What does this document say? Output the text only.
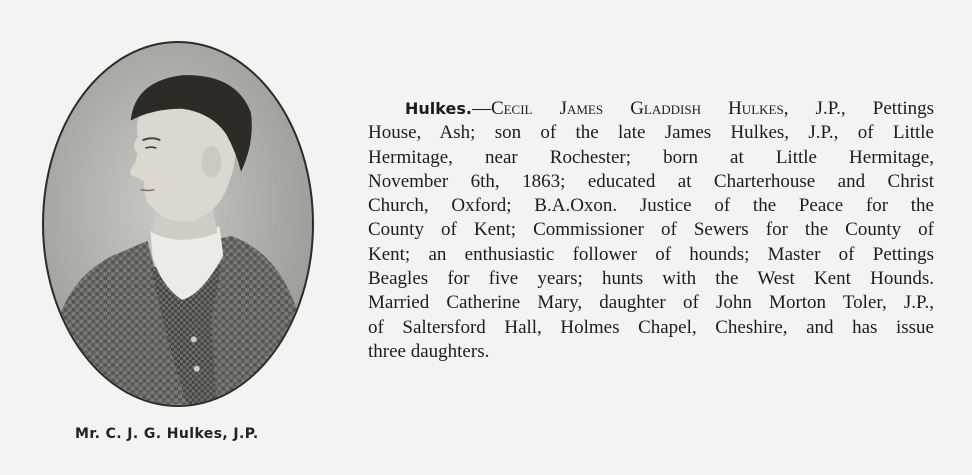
Mr. C. J. G. Hulkes, J.P.
Hulkes.—Cecil James Gladdish Hulkes, J.P., Pettings
House, Ash; son of the late James Hulkes, J.P., of Little
Hermitage, near Rochester; born at Little Hermitage,
November 6th, 1863; educated at Charterhouse and Christ
Church, Oxford; B.A.Oxon. Justice of the Peace for the
County of Kent; Commissioner of Sewers for the County of
Kent; an enthusiastic follower of hounds; Master of Pettings
Beagles for five years; hunts with the West Kent Hounds.
Married Catherine Mary, daughter of John Morton Toler, J.P.,
of Saltersford Hall, Holmes Chapel, Cheshire, and has issue
three daughters.
